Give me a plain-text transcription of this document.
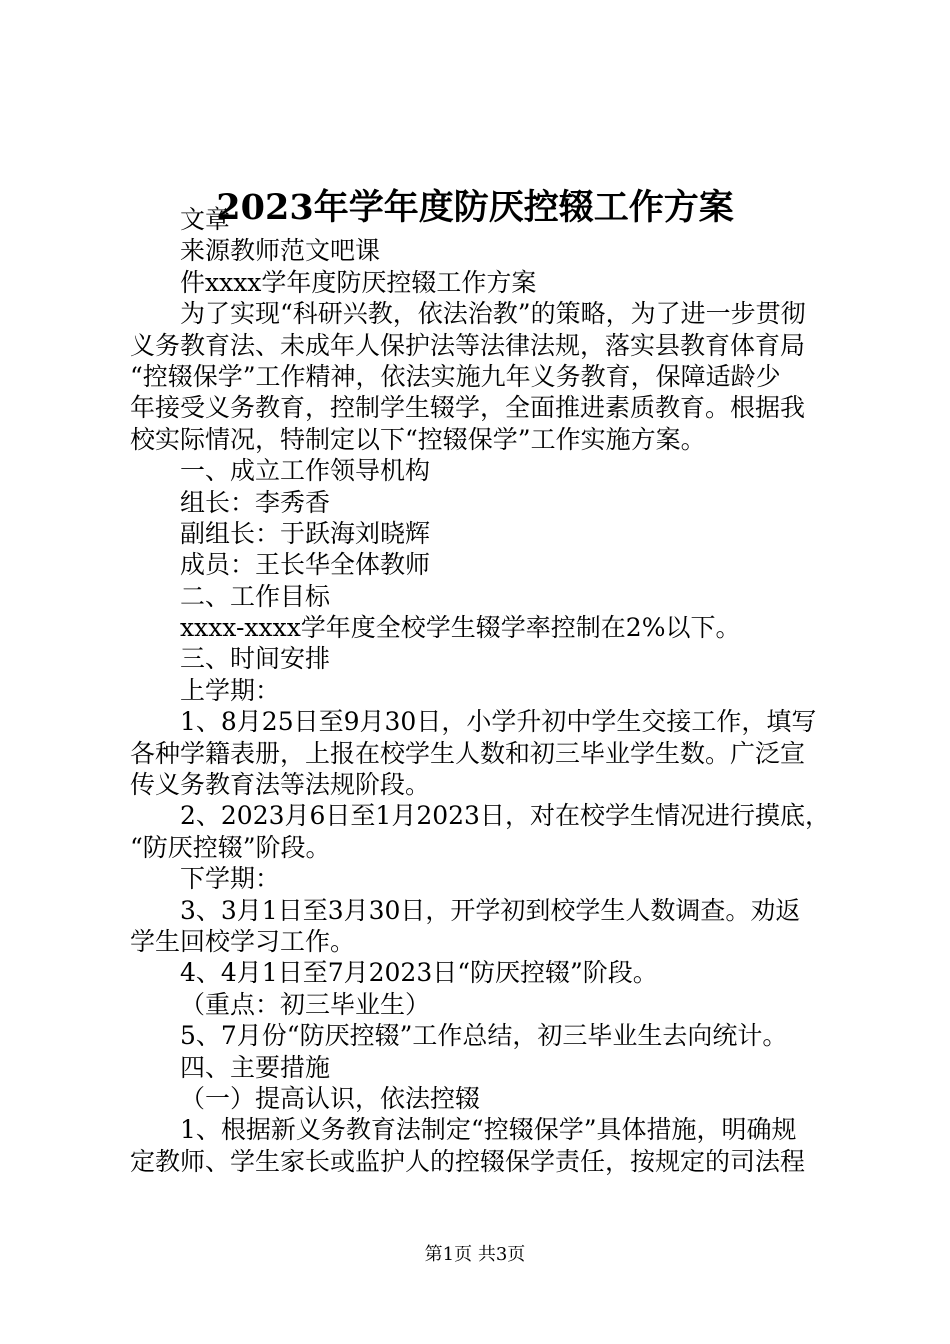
2023年学年度防厌控辍工作方案
文章
来源教师范文吧课
件xxxx学年度防厌控辍工作方案
为了实现“科研兴教，依法治教”的策略，为了进一步贯彻
义务教育法、未成年人保护法等法律法规，落实县教育体育局
“控辍保学”工作精神，依法实施九年义务教育，保障适龄少
年接受义务教育，控制学生辍学，全面推进素质教育。根据我
校实际情况，特制定以下“控辍保学”工作实施方案。
一、成立工作领导机构
组长：李秀香
副组长：于跃海刘晓辉
成员：王长华全体教师
二、工作目标
xxxx-xxxx学年度全校学生辍学率控制在2%以下。
三、时间安排
上学期：
1、8月25日至9月30日，小学升初中学生交接工作，填写
各种学籍表册，上报在校学生人数和初三毕业学生数。广泛宣
传义务教育法等法规阶段。
2、2023月6日至1月2023日，对在校学生情况进行摸底，
“防厌控辍”阶段。
下学期：
3、3月1日至3月30日，开学初到校学生人数调查。劝返
学生回校学习工作。
4、4月1日至7月2023日“防厌控辍”阶段。
（重点：初三毕业生）
5、7月份“防厌控辍”工作总结，初三毕业生去向统计。
四、主要措施
（一）提高认识，依法控辍
1、根据新义务教育法制定“控辍保学”具体措施，明确规
定教师、学生家长或监护人的控辍保学责任，按规定的司法程
第1页 共3页
